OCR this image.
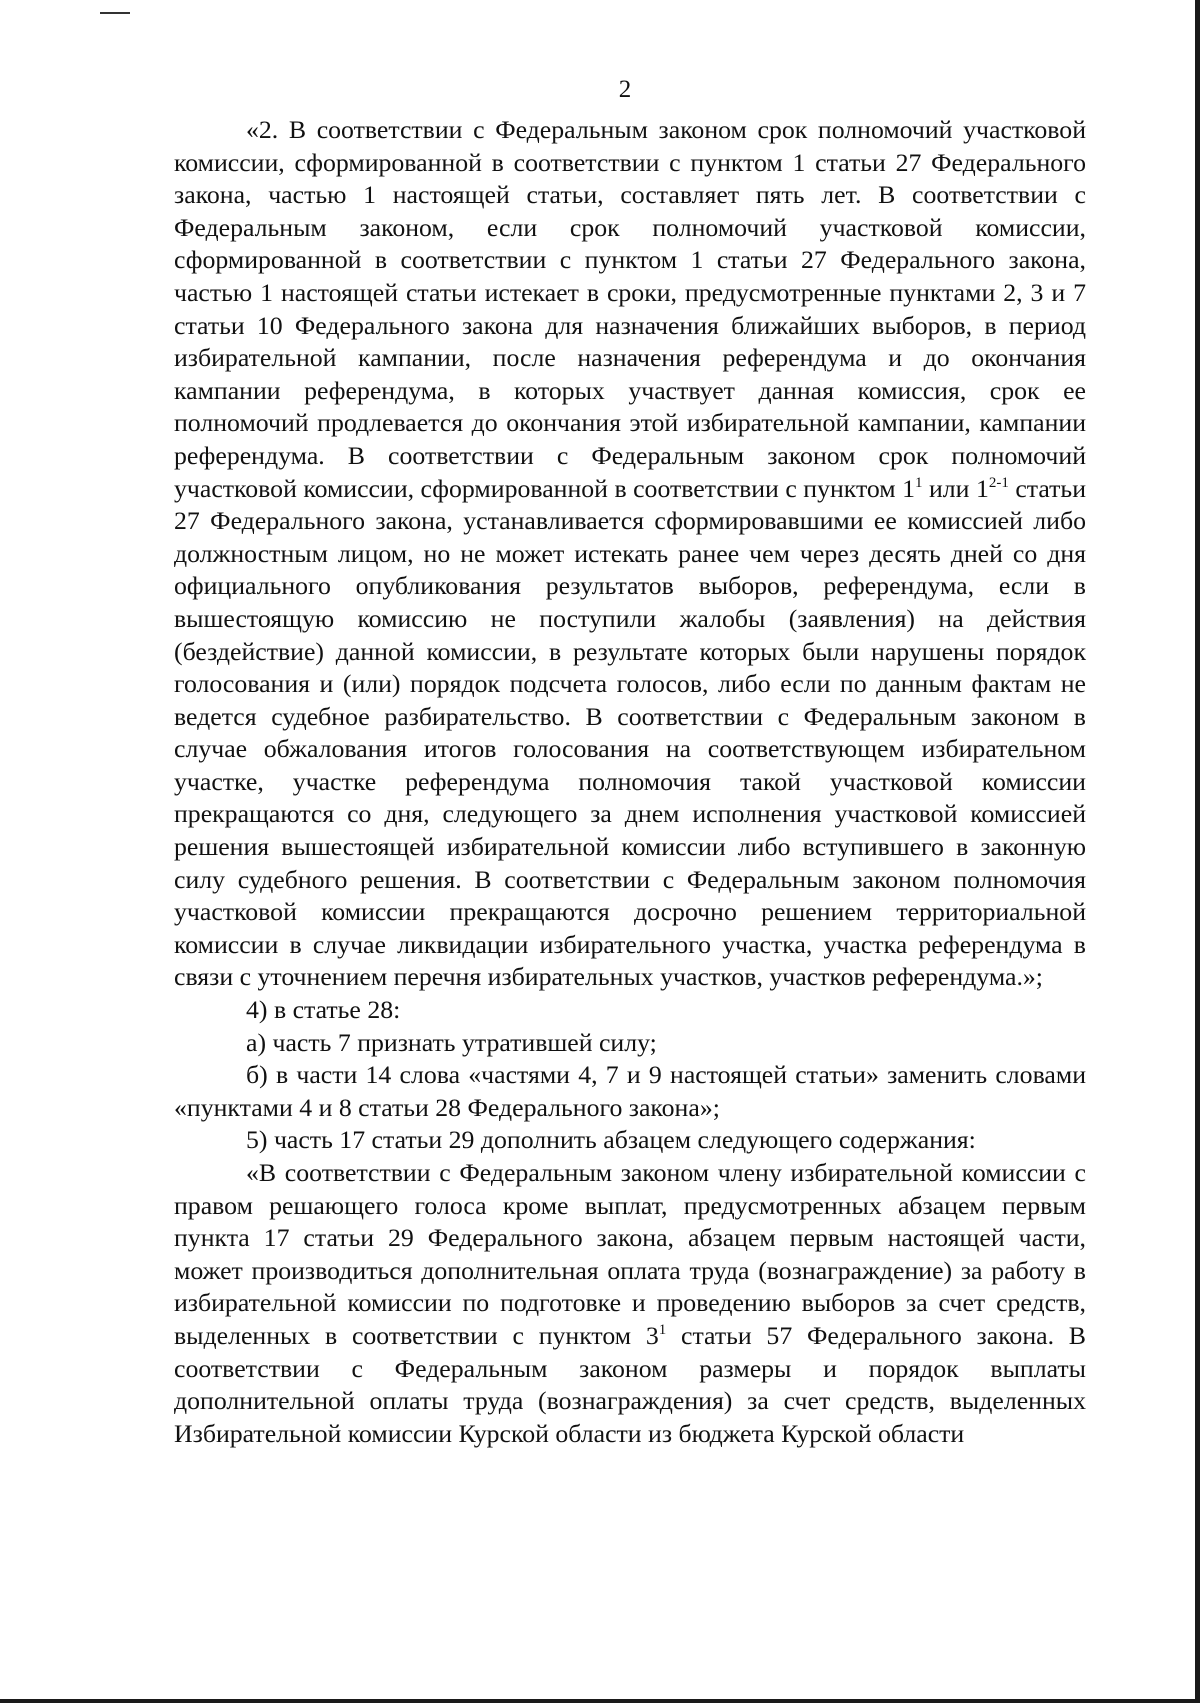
2

«2. В соответствии с Федеральным законом срок полномочий участковой комиссии, сформированной в соответствии с пунктом 1 статьи 27 Федерального закона, частью 1 настоящей статьи, составляет пять лет. В соответствии с Федеральным законом, если срок полномочий участковой комиссии, сформированной в соответствии с пунктом 1 статьи 27 Федерального закона, частью 1 настоящей статьи истекает в сроки, предусмотренные пунктами 2, 3 и 7 статьи 10 Федерального закона для назначения ближайших выборов, в период избирательной кампании, после назначения референдума и до окончания кампании референдума, в которых участвует данная комиссия, срок ее полномочий продлевается до окончания этой избирательной кампании, кампании референдума. В соответствии с Федеральным законом срок полномочий участковой комиссии, сформированной в соответствии с пунктом $1^1$ или 1$^{2-1}$ статьи 27 Федерального закона, устанавливается сформировавшими ее комиссией либо должностным лицом, но не может истекать ранее чем через десять дней со дня официального опубликования результатов выборов, референдума, если в вышестоящую комиссию не поступили жалобы (заявления) на действия (бездействие) данной комиссии, в результате которых были нарушены порядок голосования и (или) порядок подсчета голосов, либо если по данным фактам не ведется судебное разбирательство. В соответствии с Федеральным законом в случае обжалования итогов голосования на соответствующем избирательном участке, участке референдума полномочия такой участковой комиссии прекращаются со дня, следующего за днем исполнения участковой комиссией решения вышестоящей избирательной комиссии либо вступившего в законную силу судебного решения. В соответствии с Федеральным законом полномочия участковой комиссии прекращаются досрочно решением территориальной комиссии в случае ликвидации избирательного участка, участка референдума в связи с уточнением перечня избирательных участков, участков референдума.»;

4) в статье 28:

а) часть 7 признать утратившей силу;

б) в части 14 слова «частями 4, 7 и 9 настоящей статьи» заменить словами «пунктами 4 и 8 статьи 28 Федерального закона»;

5) часть 17 статьи 29 дополнить абзацем следующего содержания:

«В соответствии с Федеральным законом члену избирательной комиссии с правом решающего голоса кроме выплат, предусмотренных абзацем первым пункта 17 статьи 29 Федерального закона, абзацем первым настоящей части, может производиться дополнительная оплата труда (вознаграждение) за работу в избирательной комиссии по подготовке и проведению выборов за счет средств, выделенных в соответствии с пунктом $3^1$ статьи 57 Федерального закона. В соответствии с Федеральным законом размеры и порядок выплаты дополнительной оплаты труда (вознаграждения) за счет средств, выделенных Избирательной комиссии Курской области из бюджета Курской области
